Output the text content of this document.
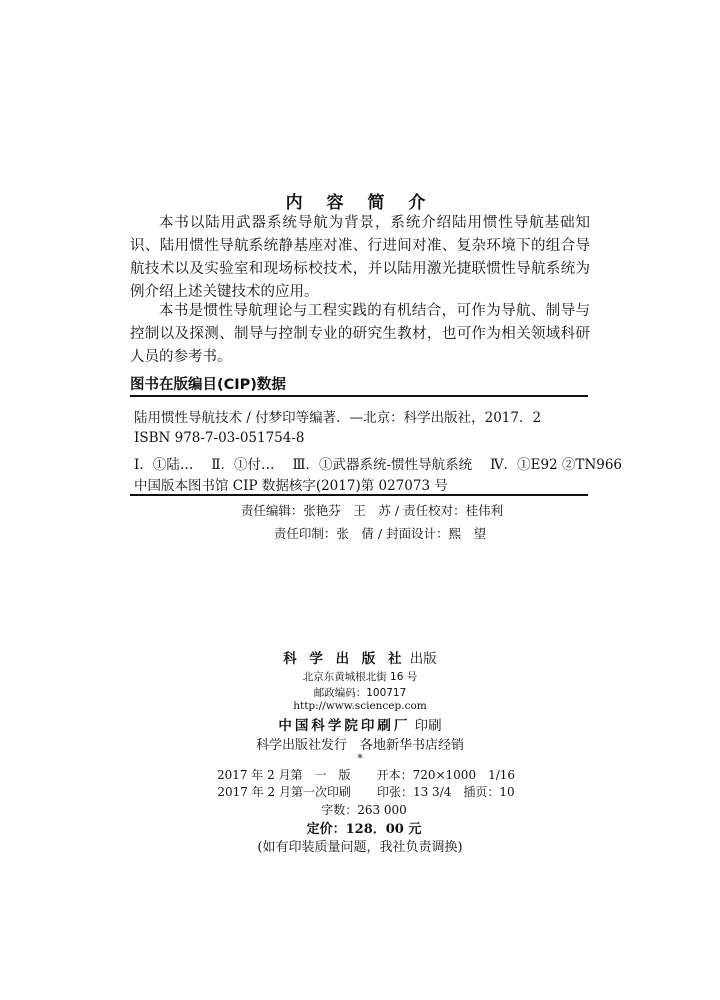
内 容 简 介

本书以陆用武器系统导航为背景，系统介绍陆用惯性导航基础知识、陆用惯性导航系统静基座对准、行进间对准、复杂环境下的组合导航技术以及实验室和现场标校技术，并以陆用激光捷联惯性导航系统为例介绍上述关键技术的应用。

本书是惯性导航理论与工程实践的有机结合，可作为导航、制导与控制以及探测、制导与控制专业的研究生教材，也可作为相关领域科研人员的参考书。

图书在版编目(CIP)数据
陆用惯性导航技术 / 付梦印等编著．—北京：科学出版社，2017．2
ISBN 978-7-03-051754-8
Ⅰ．①陆… Ⅱ．①付… Ⅲ．①武器系统-惯性导航系统 Ⅳ．①E92 ②TN966
中国版本图书馆 CIP 数据核字(2017)第 027073 号
责任编辑：张艳芬　王　苏 / 责任校对：桂伟利
责任印制：张　倩 / 封面设计：熙　望
科 学 出 版 社 出版
北京东黄城根北街 16 号
邮政编码：100717
http://www.sciencep.com
中国科学院印刷厂 印刷
科学出版社发行　各地新华书店经销
*
2017 年 2 月第　一　版 开本：720×1000　1/16
2017 年 2 月第一次印刷 印张：13 3/4　插页：10
字数：263 000
定价：128．00 元
(如有印装质量问题，我社负责调换)
